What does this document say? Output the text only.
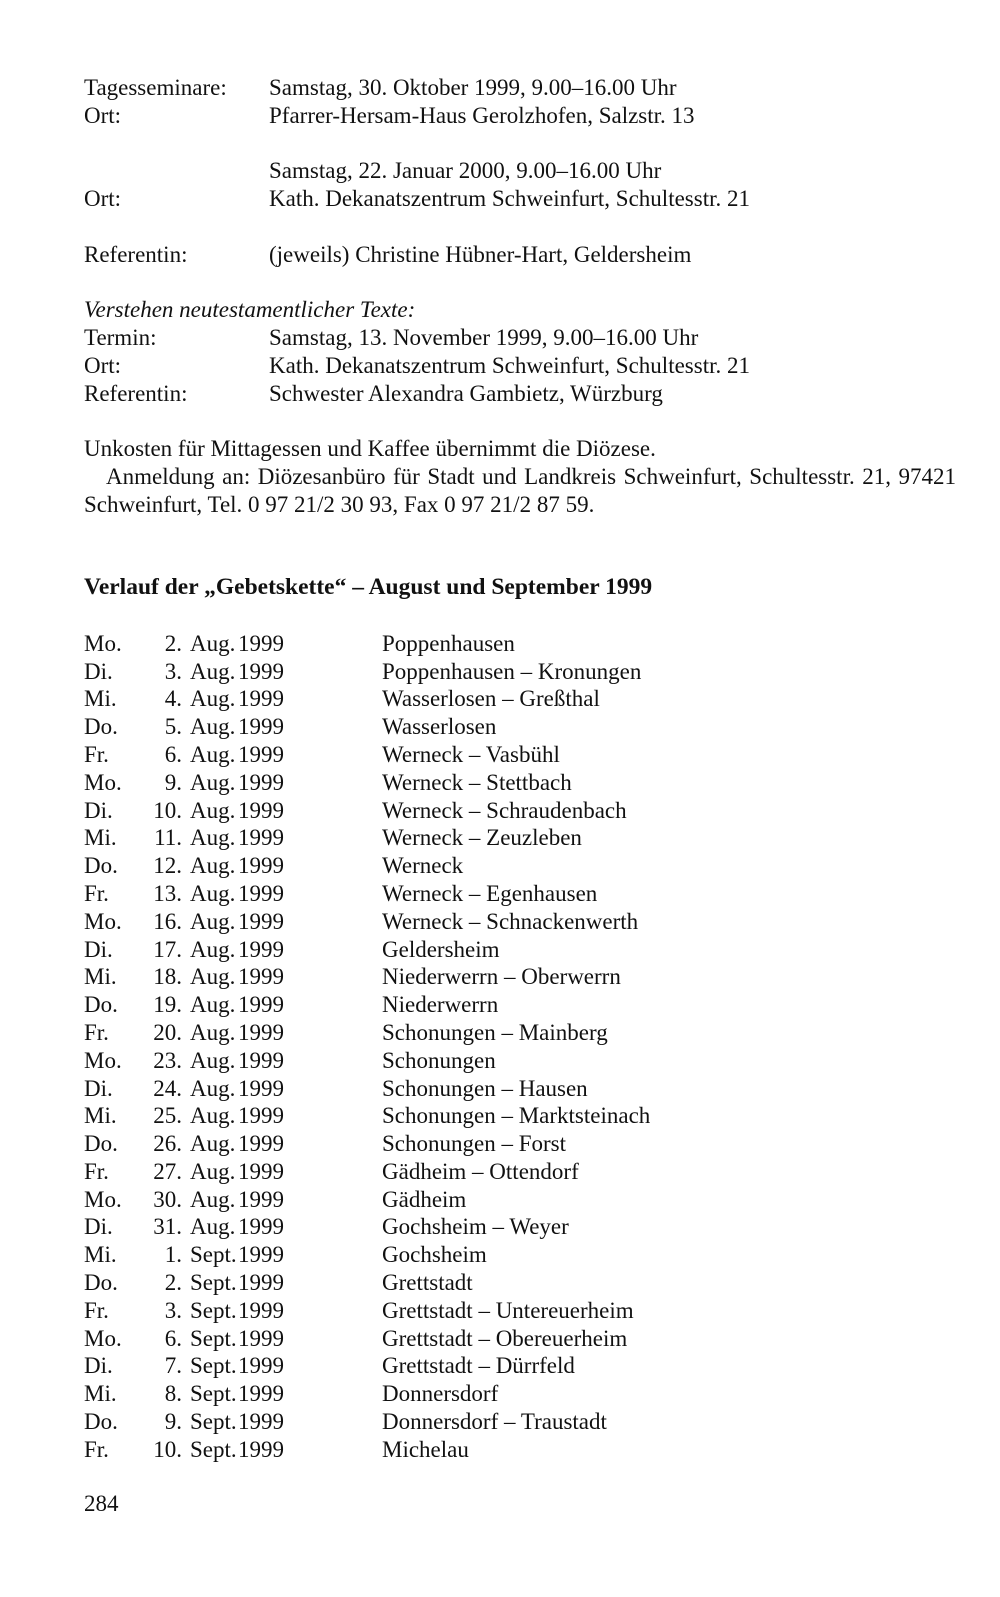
Tagesseminare:	Samstag, 30. Oktober 1999, 9.00–16.00 Uhr
Ort:	Pfarrer-Hersam-Haus Gerolzhofen, Salzstr. 13
Samstag, 22. Januar 2000, 9.00–16.00 Uhr
Ort:	Kath. Dekanatszentrum Schweinfurt, Schultesstr. 21
Referentin:	(jeweils) Christine Hübner-Hart, Geldersheim
Verstehen neutestamentlicher Texte:
Termin:	Samstag, 13. November 1999, 9.00–16.00 Uhr
Ort:	Kath. Dekanatszentrum Schweinfurt, Schultesstr. 21
Referentin:	Schwester Alexandra Gambietz, Würzburg
Unkosten für Mittagessen und Kaffee übernimmt die Diözese.
Anmeldung an: Diözesanbüro für Stadt und Landkreis Schweinfurt, Schultesstr. 21, 97421 Schweinfurt, Tel. 0 97 21/2 30 93, Fax 0 97 21/2 87 59.
Verlauf der „Gebetskette“ – August und September 1999
Mo.	2. Aug. 1999	Poppenhausen
Di.	3. Aug. 1999	Poppenhausen – Kronungen
Mi.	4. Aug. 1999	Wasserlosen – Greßthal
Do.	5. Aug. 1999	Wasserlosen
Fr.	6. Aug. 1999	Werneck – Vasbühl
Mo.	9. Aug. 1999	Werneck – Stettbach
Di.	10. Aug. 1999	Werneck – Schraudenbach
Mi.	11. Aug. 1999	Werneck – Zeuzleben
Do.	12. Aug. 1999	Werneck
Fr.	13. Aug. 1999	Werneck – Egenhausen
Mo.	16. Aug. 1999	Werneck – Schnackenwerth
Di.	17. Aug. 1999	Geldersheim
Mi.	18. Aug. 1999	Niederwerrn – Oberwerrn
Do.	19. Aug. 1999	Niederwerrn
Fr.	20. Aug. 1999	Schonungen – Mainberg
Mo.	23. Aug. 1999	Schonungen
Di.	24. Aug. 1999	Schonungen – Hausen
Mi.	25. Aug. 1999	Schonungen – Marktsteinach
Do.	26. Aug. 1999	Schonungen – Forst
Fr.	27. Aug. 1999	Gädheim – Ottendorf
Mo.	30. Aug. 1999	Gädheim
Di.	31. Aug. 1999	Gochsheim – Weyer
Mi.	1. Sept. 1999	Gochsheim
Do.	2. Sept. 1999	Grettstadt
Fr.	3. Sept. 1999	Grettstadt – Untereuerheim
Mo.	6. Sept. 1999	Grettstadt – Obereuerheim
Di.	7. Sept. 1999	Grettstadt – Dürrfeld
Mi.	8. Sept. 1999	Donnersdorf
Do.	9. Sept. 1999	Donnersdorf – Traustadt
Fr.	10. Sept. 1999	Michelau
284
